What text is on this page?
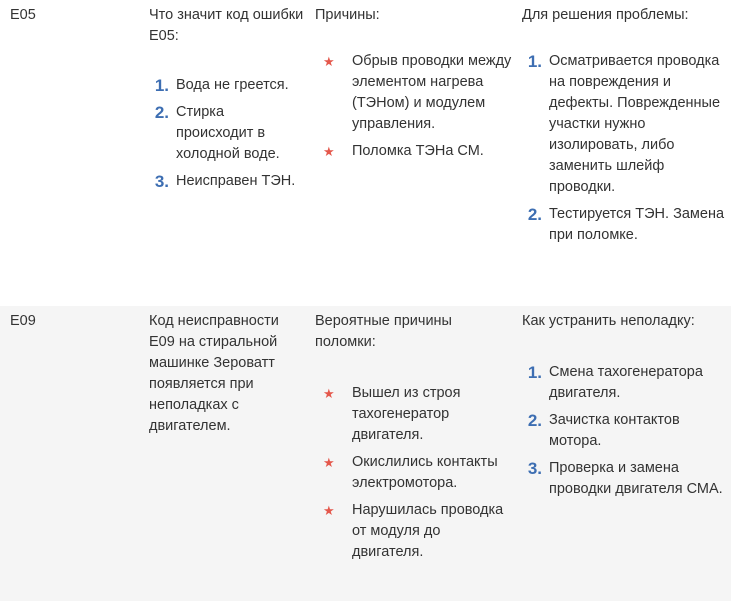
E05	Что значит код ошибки E05:

1. Вода не греется.
2. Стирка происходит в холодной воде.
3. Неисправен ТЭН.

Причины:

★ Обрыв проводки между элементом нагрева (ТЭНом) и модулем управления.
★ Поломка ТЭНа СМ.

Для решения проблемы:

1. Осматривается проводка на повреждения и дефекты. Поврежденные участки нужно изолировать, либо заменить шлейф проводки.
2. Тестируется ТЭН. Замена при поломке.
E09	Код неисправности E09 на стиральной машинке Зероватт появляется при неполадках с двигателем.

Вероятные причины поломки:

★ Вышел из строя тахогенератор двигателя.
★ Окислились контакты электромотора.
★ Нарушилась проводка от модуля до двигателя.

Как устранить неполадку:

1. Смена тахогенератора двигателя.
2. Зачистка контактов мотора.
3. Проверка и замена проводки двигателя СМА.
